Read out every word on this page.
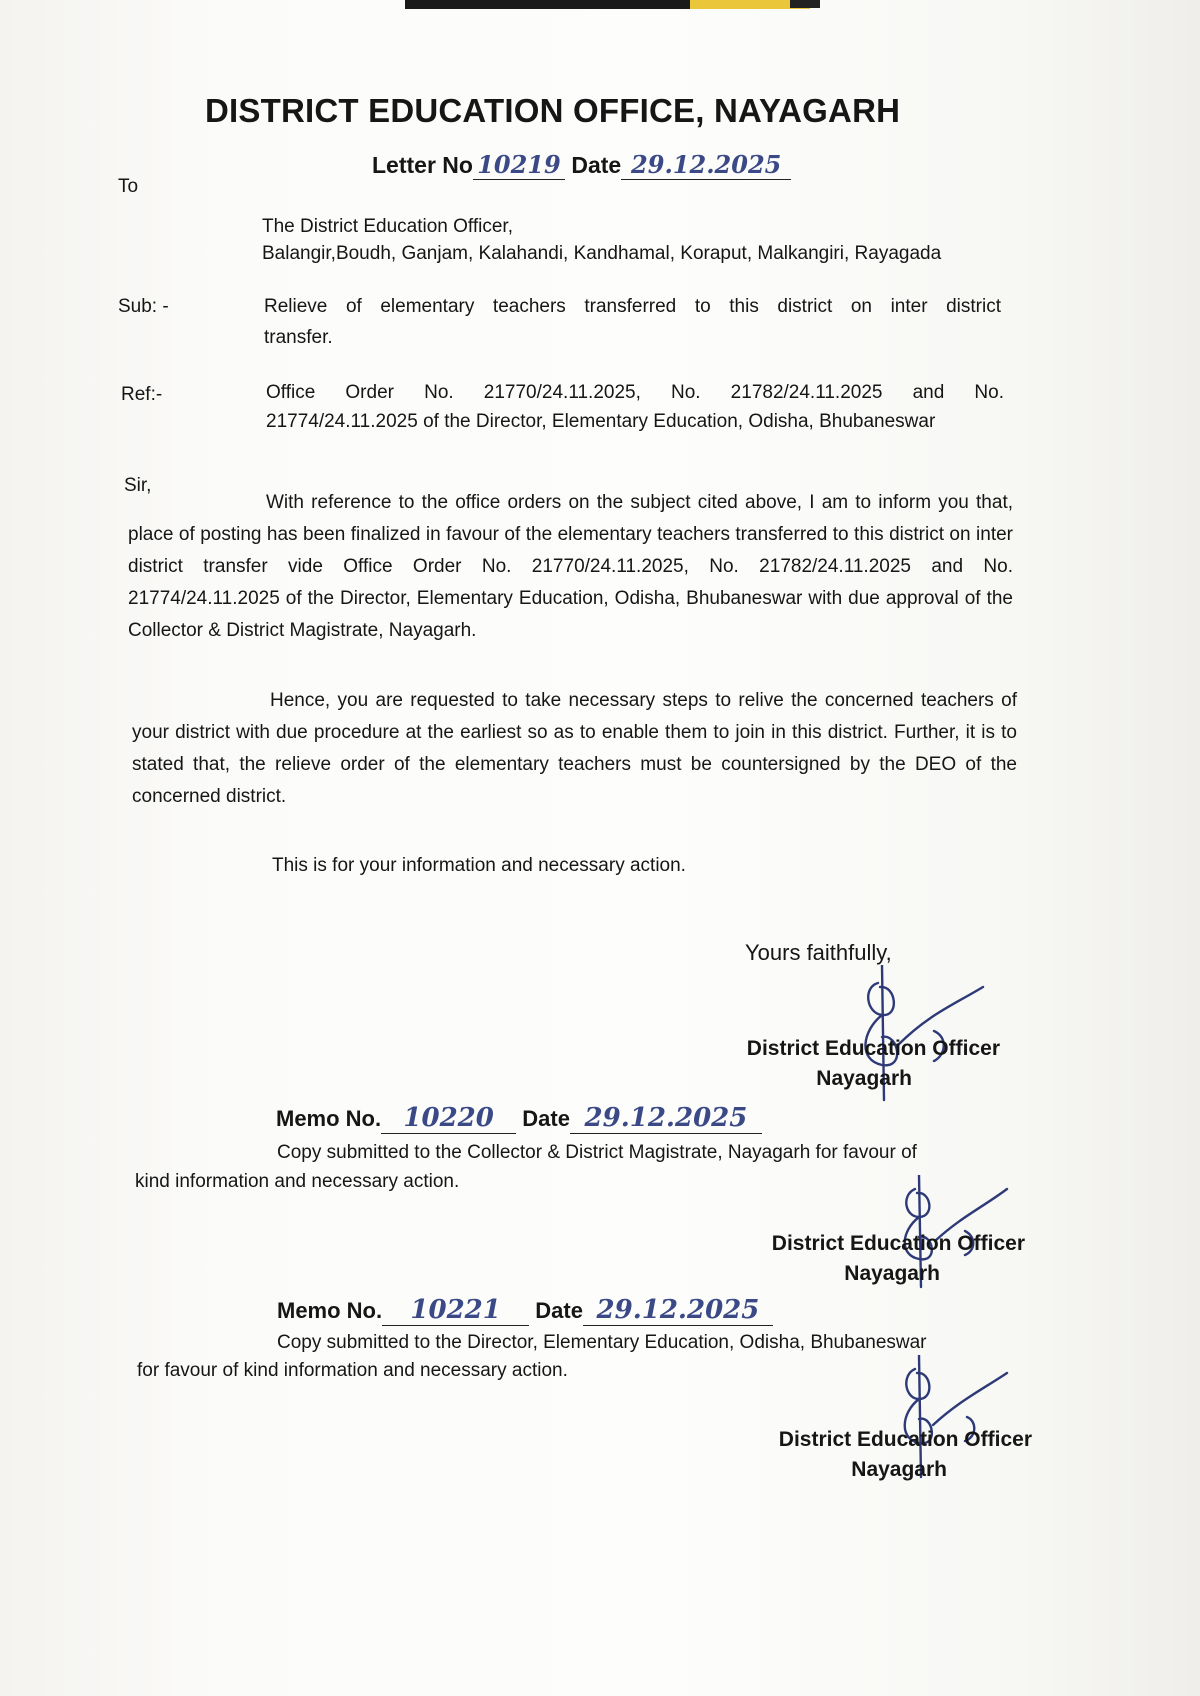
DISTRICT EDUCATION OFFICE, NAYAGARH
Letter No 10219 Date 29.12.2025
To
The District Education Officer,
Balangir,Boudh, Ganjam, Kalahandi, Kandhamal, Koraput, Malkangiri, Rayagada
Sub: -	Relieve of elementary teachers transferred to this district on inter district
transfer.
Ref:-	Office Order No. 21770/24.11.2025, No. 21782/24.11.2025 and No.
21774/24.11.2025 of the Director, Elementary Education, Odisha, Bhubaneswar
Sir,
With reference to the office orders on the subject cited above, I am to inform you that, place of posting has been finalized in favour of the elementary teachers transferred to this district on inter district transfer vide Office Order No. 21770/24.11.2025, No. 21782/24.11.2025 and No. 21774/24.11.2025 of the Director, Elementary Education, Odisha, Bhubaneswar with due approval of the Collector & District Magistrate, Nayagarh.
Hence, you are requested to take necessary steps to relive the concerned teachers of your district with due procedure at the earliest so as to enable them to join in this district. Further, it is to stated that, the relieve order of the elementary teachers must be countersigned by the DEO of the concerned district.
This is for your information and necessary action.
Yours faithfully,
District Education Officer
Nayagarh
Memo No. 10220 Date 29.12.2025
Copy submitted to the Collector & District Magistrate, Nayagarh for favour of
kind information and necessary action.
District Education Officer
Nayagarh
Memo No. 10221 Date 29.12.2025
Copy submitted to the Director, Elementary Education, Odisha, Bhubaneswar
for favour of kind information and necessary action.
District Education Officer
Nayagarh
